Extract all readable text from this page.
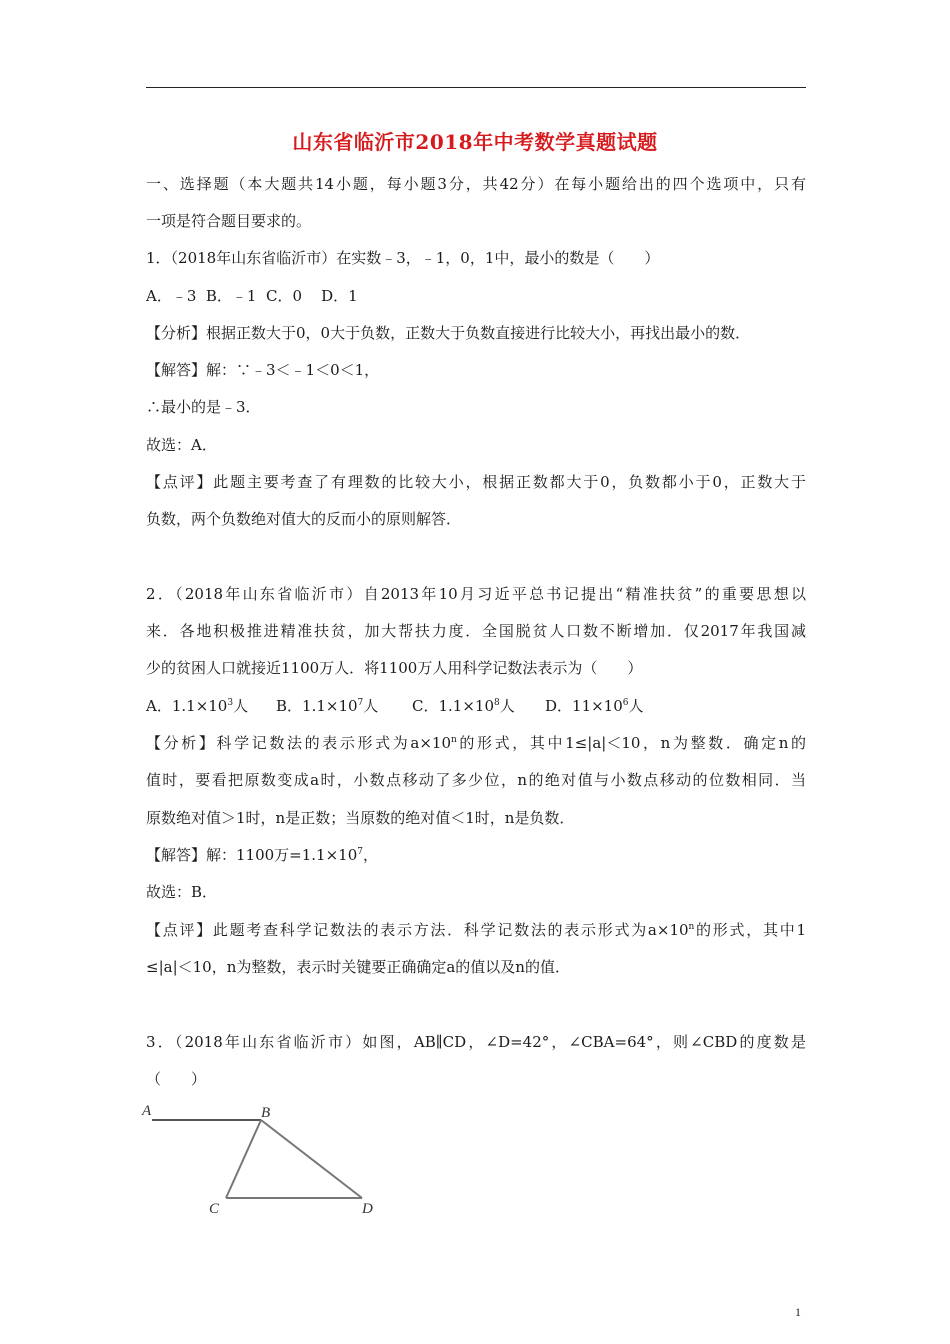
山东省临沂市2018年中考数学真题试题
一、选择题（本大题共14小题，每小题3分，共42分）在每小题给出的四个选项中，只有
一项是符合题目要求的。
1．（2018年山东省临沂市）在实数﹣3，﹣1，0，1中，最小的数是（　　）
A．﹣3  B．﹣1  C．0    D．1
【分析】根据正数大于0，0大于负数，正数大于负数直接进行比较大小，再找出最小的数．
【解答】解：∵﹣3＜﹣1＜0＜1，
∴最小的是﹣3．
故选：A．
【点评】此题主要考查了有理数的比较大小，根据正数都大于0，负数都小于0，正数大于
负数，两个负数绝对值大的反而小的原则解答．
2．（2018年山东省临沂市）自2013年10月习近平总书记提出“精准扶贫”的重要思想以
来．各地积极推进精准扶贫，加大帮扶力度．全国脱贫人口数不断增加．仅2017年我国减
少的贫困人口就接近1100万人．将1100万人用科学记数法表示为（　　）
A．$1.1\times 10^3$人 B．$1.1\times 10^7$人 C．$1.1\times 10^8$人 D．$11\times 10^6$人
【分析】科学记数法的表示形式为$a\times 10^n$的形式，其中1≤|a|＜10，n为整数．确定n的
值时，要看把原数变成a时，小数点移动了多少位，n的绝对值与小数点移动的位数相同．当
原数绝对值＞1时，n是正数；当原数的绝对值＜1时，n是负数．
【解答】解：1100万$=1.1\times 10^7$，
故选：B．
【点评】此题考查科学记数法的表示方法．科学记数法的表示形式为$a\times 10^n$的形式，其中1
≤|a|＜10，n为整数，表示时关键要正确确定a的值以及n的值．
3．（2018年山东省临沂市）如图，AB∥CD，∠D=42°，∠CBA=64°，则∠CBD的度数是
（　　）
A	B
C	D
1
